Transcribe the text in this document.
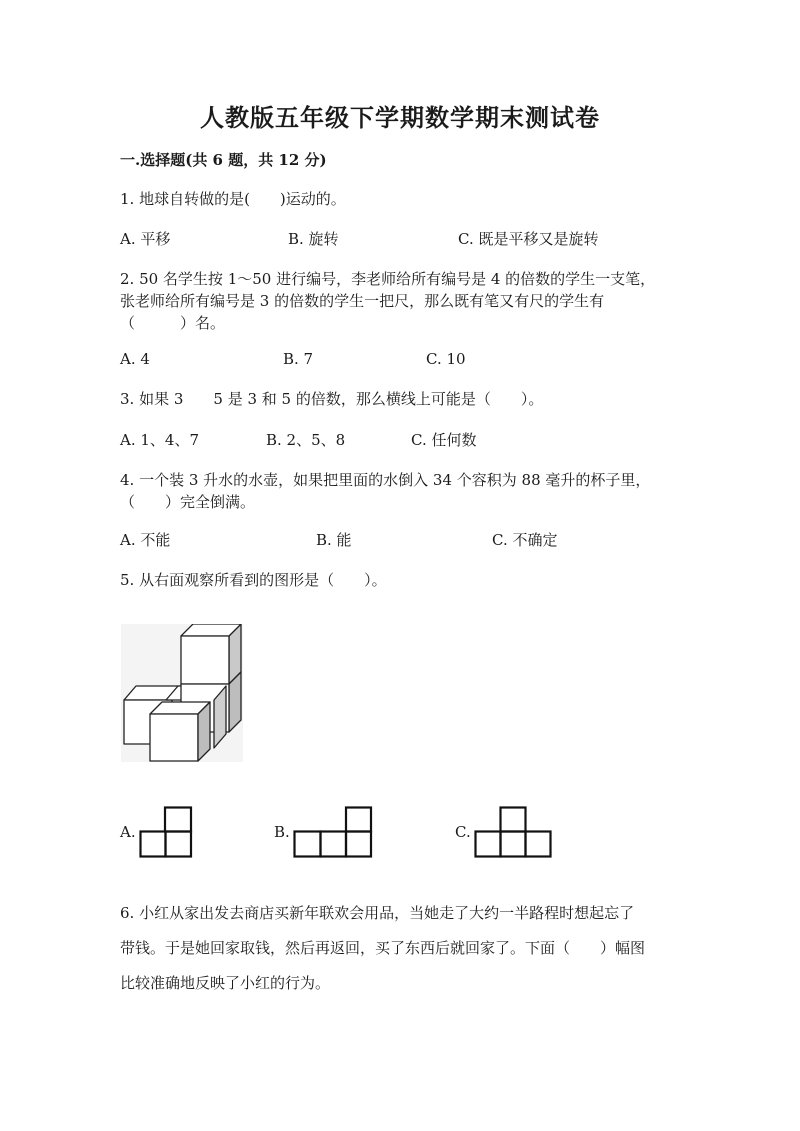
人教版五年级下学期数学期末测试卷
一.选择题(共 6 题，共 12 分)
1. 地球自转做的是(　　)运动的。
A. 平移	B. 旋转	C. 既是平移又是旋转
2. 50 名学生按 1～50 进行编号，李老师给所有编号是 4 的倍数的学生一支笔，
张老师给所有编号是 3 的倍数的学生一把尺，那么既有笔又有尺的学生有
（　　　）名。
A. 4	B. 7	C. 10
3. 如果 3　　5 是 3 和 5 的倍数，那么横线上可能是（　　）。
A. 1、4、7	B. 2、5、8	C. 任何数
4. 一个装 3 升水的水壶，如果把里面的水倒入 34 个容积为 88 毫升的杯子里，
（　　）完全倒满。
A. 不能	B. 能	C. 不确定
5. 从右面观察所看到的图形是（　　）。
A.	B.	C.
6. 小红从家出发去商店买新年联欢会用品，当她走了大约一半路程时想起忘了
带钱。于是她回家取钱，然后再返回，买了东西后就回家了。下面（　　）幅图
比较准确地反映了小红的行为。
